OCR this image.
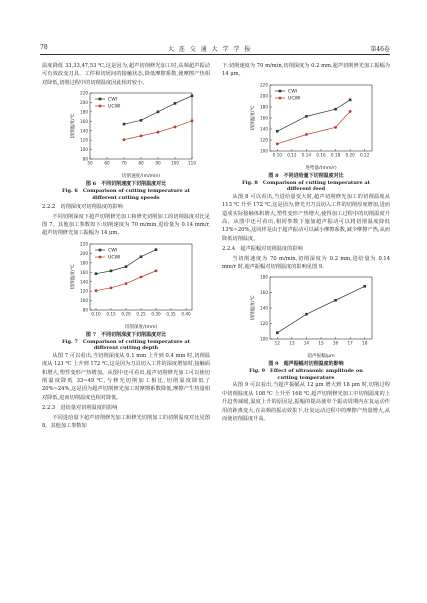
78	大 连 交 通 大 学 学 报	第46卷

温度降低 33,33,47,53 ℃,这是因为,超声切削修光加工时,高频超声振动可有效改变刀具、工件和切屑间的接触状态,降低摩擦系数,使摩擦产热相对降低,切削过程中的切削温度因此相对较小。

80
100
120
140
160
180
200
220
50	60	70	80	90 100 110
切削速度/(m/min)
切削温度/℃
CWI
UCWI
图 6　不同切削速度下切削温度对比
Fig. 6　Comparison of cutting temperature at
different cutting speeds
2.2.2　切削深度对切削温度的影响

不同切削深度下超声切削修光加工和修光切削加工的切削温度对比见图 7。其他加工参数如下:切削速度为 70 m/min,进给量为 0.14 mm/r,超声切削修光加工振幅为 14 μm。

80
100
120
140
160
180
200
220
0.10 0.15 0.20 0.25 0.30 0.35 0.40
切削深度/(mm)
切削温度/℃
CWI
UCWI
图 7　不同切削深度下切削温度对比
Fig. 7　Comparison of cutting temperature at
different cutting depth

从图 7 可以看出,当切削深度从 0.1 mm 上升到 0.4 mm 时,切削温度从 121 ℃ 上升到 172 ℃,这是因为刀具切入工件的深度增加时,接触面积增大,塑性变形产热增加。从图中还可看出,超声切削修光加工可以使切削温度降低 33~49 ℃,与修光切削加工相比,切削温度降低了 20%~24%,这是因为超声切削修光加工时摩擦系数降低,摩擦产生热量相对降低,进而切削温度也相对降低。

2.2.3　进给量对切削温度的影响

不同进给量下超声切削修光加工和修光切削加工的切削温度对比见图 8。其他加工参数如

下:切削速度为 70 m/min,切削深度为 0.2 mm,超声切削修光加工振幅为 14 μm。

100
120
140
160
180
200
220
0.10 0.12 0.14 0.16 0.18 0.20 0.22
进给量/(mm/r)
切削温度/℃
CWI
UCWI
图 8　不同进给量下切削温度对比
Fig. 8　Comparison of cutting temperature at
different feed

从图 8 可以看出,当进给量变大时,超声切削修光加工的切削温度从 113 ℃ 升至 172 ℃,这是因为,修光刃刀具切入工件的切削厚度增加,进而造成实际接触体积增大,塑性变形产热增大,使得加工过程中的切削温度升高。从图中还可看出,相同参数下施加超声振动可以将切削温度降低 13%~20%,这同样是由于超声振动可以减小摩擦系数,减少摩擦产热,从而降低切削温度。

2.2.4　超声振幅对切削温度的影响

当切削速度为 70 m/min,切削深度为 0.2 mm,进给量为 0.14 mm/r 时,超声振幅对切削温度的影响见图 9。

100
120
140
160
180
12 13 14 15 16 17 18
超声振幅/μm
切削温度/℃
图 9　超声振幅对切削温度的影响
Fig. 9　Effect of ultrasonic amplitude on
cutting temperature

从图 9 可以看出,当超声振幅从 12 μm 增大到 18 μm 时,切削过程中切削温度从 108 ℃ 上升至 168 ℃,超声切削修光加工中切削温度的上升趋势减缓,温度上升的原因是,振幅的提高使单个振动周期内在复运动作用的距离变大,在高频的振动效果下,壮复运动过程中的摩擦产热量增大,从而使切削温度升高。
